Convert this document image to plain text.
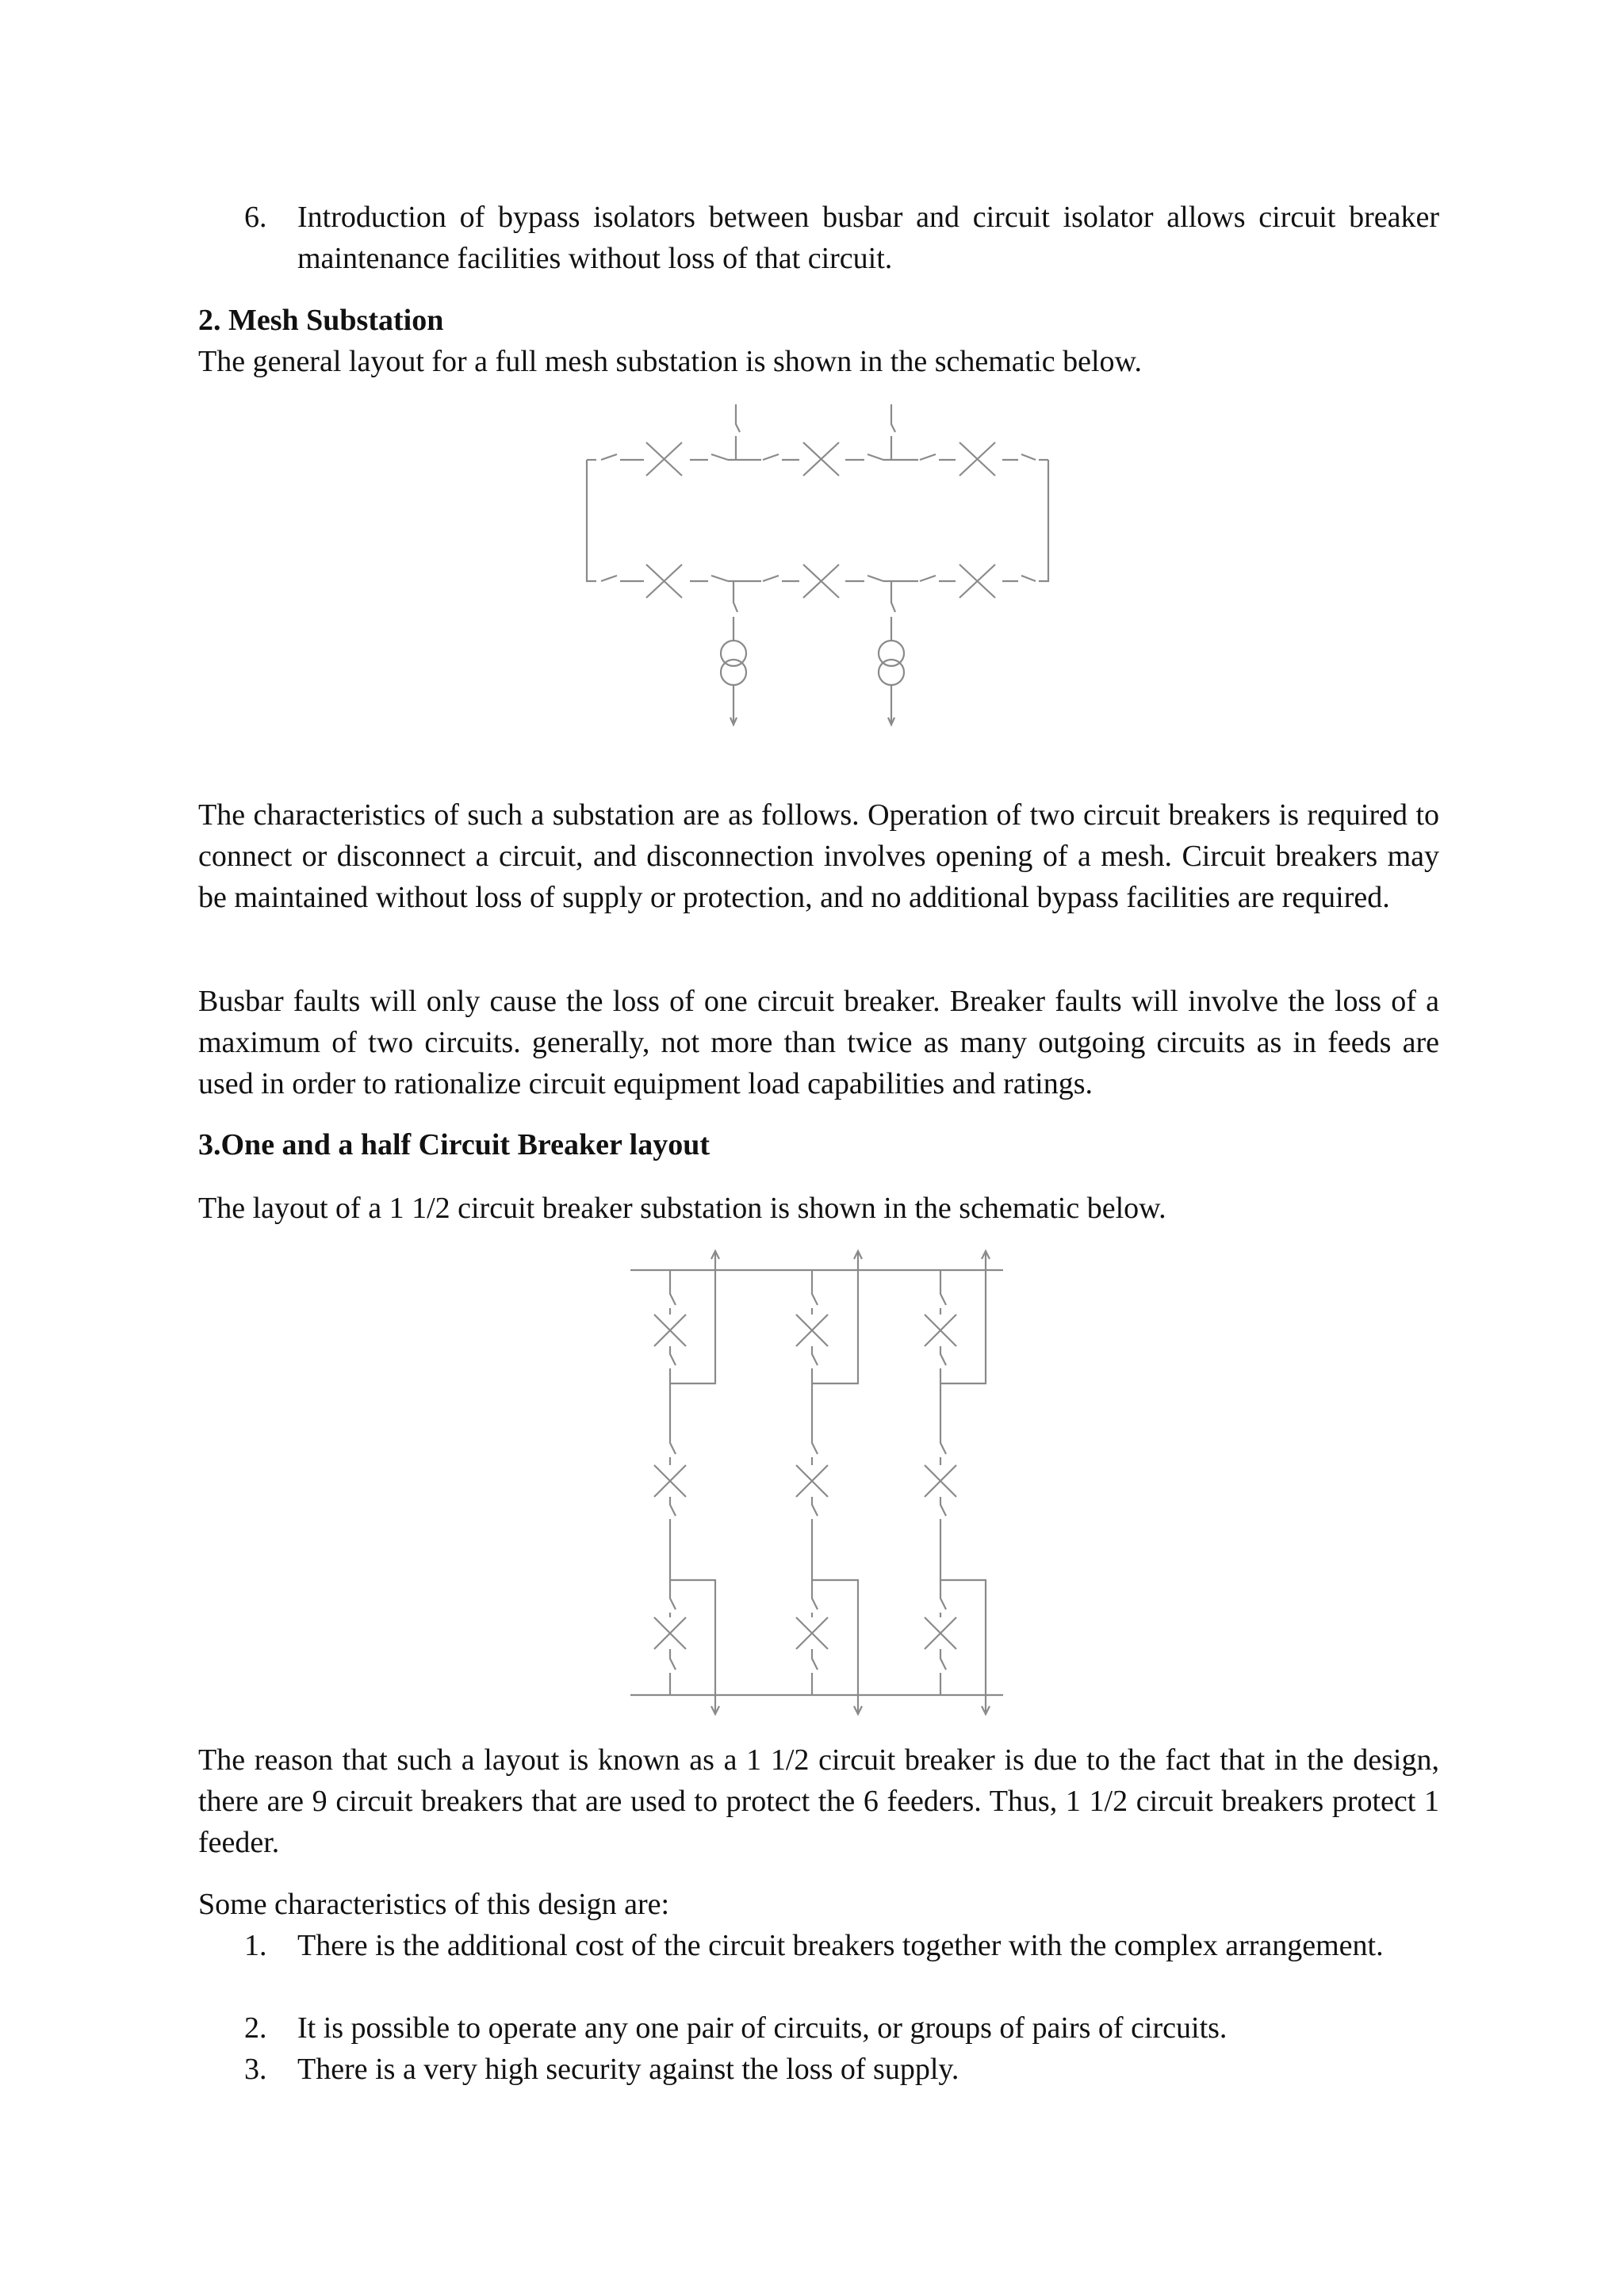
6.	Introduction of bypass isolators between busbar and circuit isolator allows circuit breaker maintenance facilities without loss of that circuit.
2. Mesh Substation
The general layout for a full mesh substation is shown in the schematic below.
The characteristics of such a substation are as follows. Operation of two circuit breakers is required to connect or disconnect a circuit, and disconnection involves opening of a mesh. Circuit breakers may be maintained without loss of supply or protection, and no additional bypass facilities are required.
Busbar faults will only cause the loss of one circuit breaker. Breaker faults will involve the loss of a maximum of two circuits. generally, not more than twice as many outgoing circuits as in feeds are used in order to rationalize circuit equipment load capabilities and ratings.
3.One and a half Circuit Breaker layout
The layout of a 1 1/2 circuit breaker substation is shown in the schematic below.
The reason that such a layout is known as a 1 1/2 circuit breaker is due to the fact that in the design, there are 9 circuit breakers that are used to protect the 6 feeders. Thus, 1 1/2 circuit breakers protect 1 feeder.
Some characteristics of this design are:
1.	There is the additional cost of the circuit breakers together with the complex arrangement.
2.	It is possible to operate any one pair of circuits, or groups of pairs of circuits.
3.	There is a very high security against the loss of supply.
